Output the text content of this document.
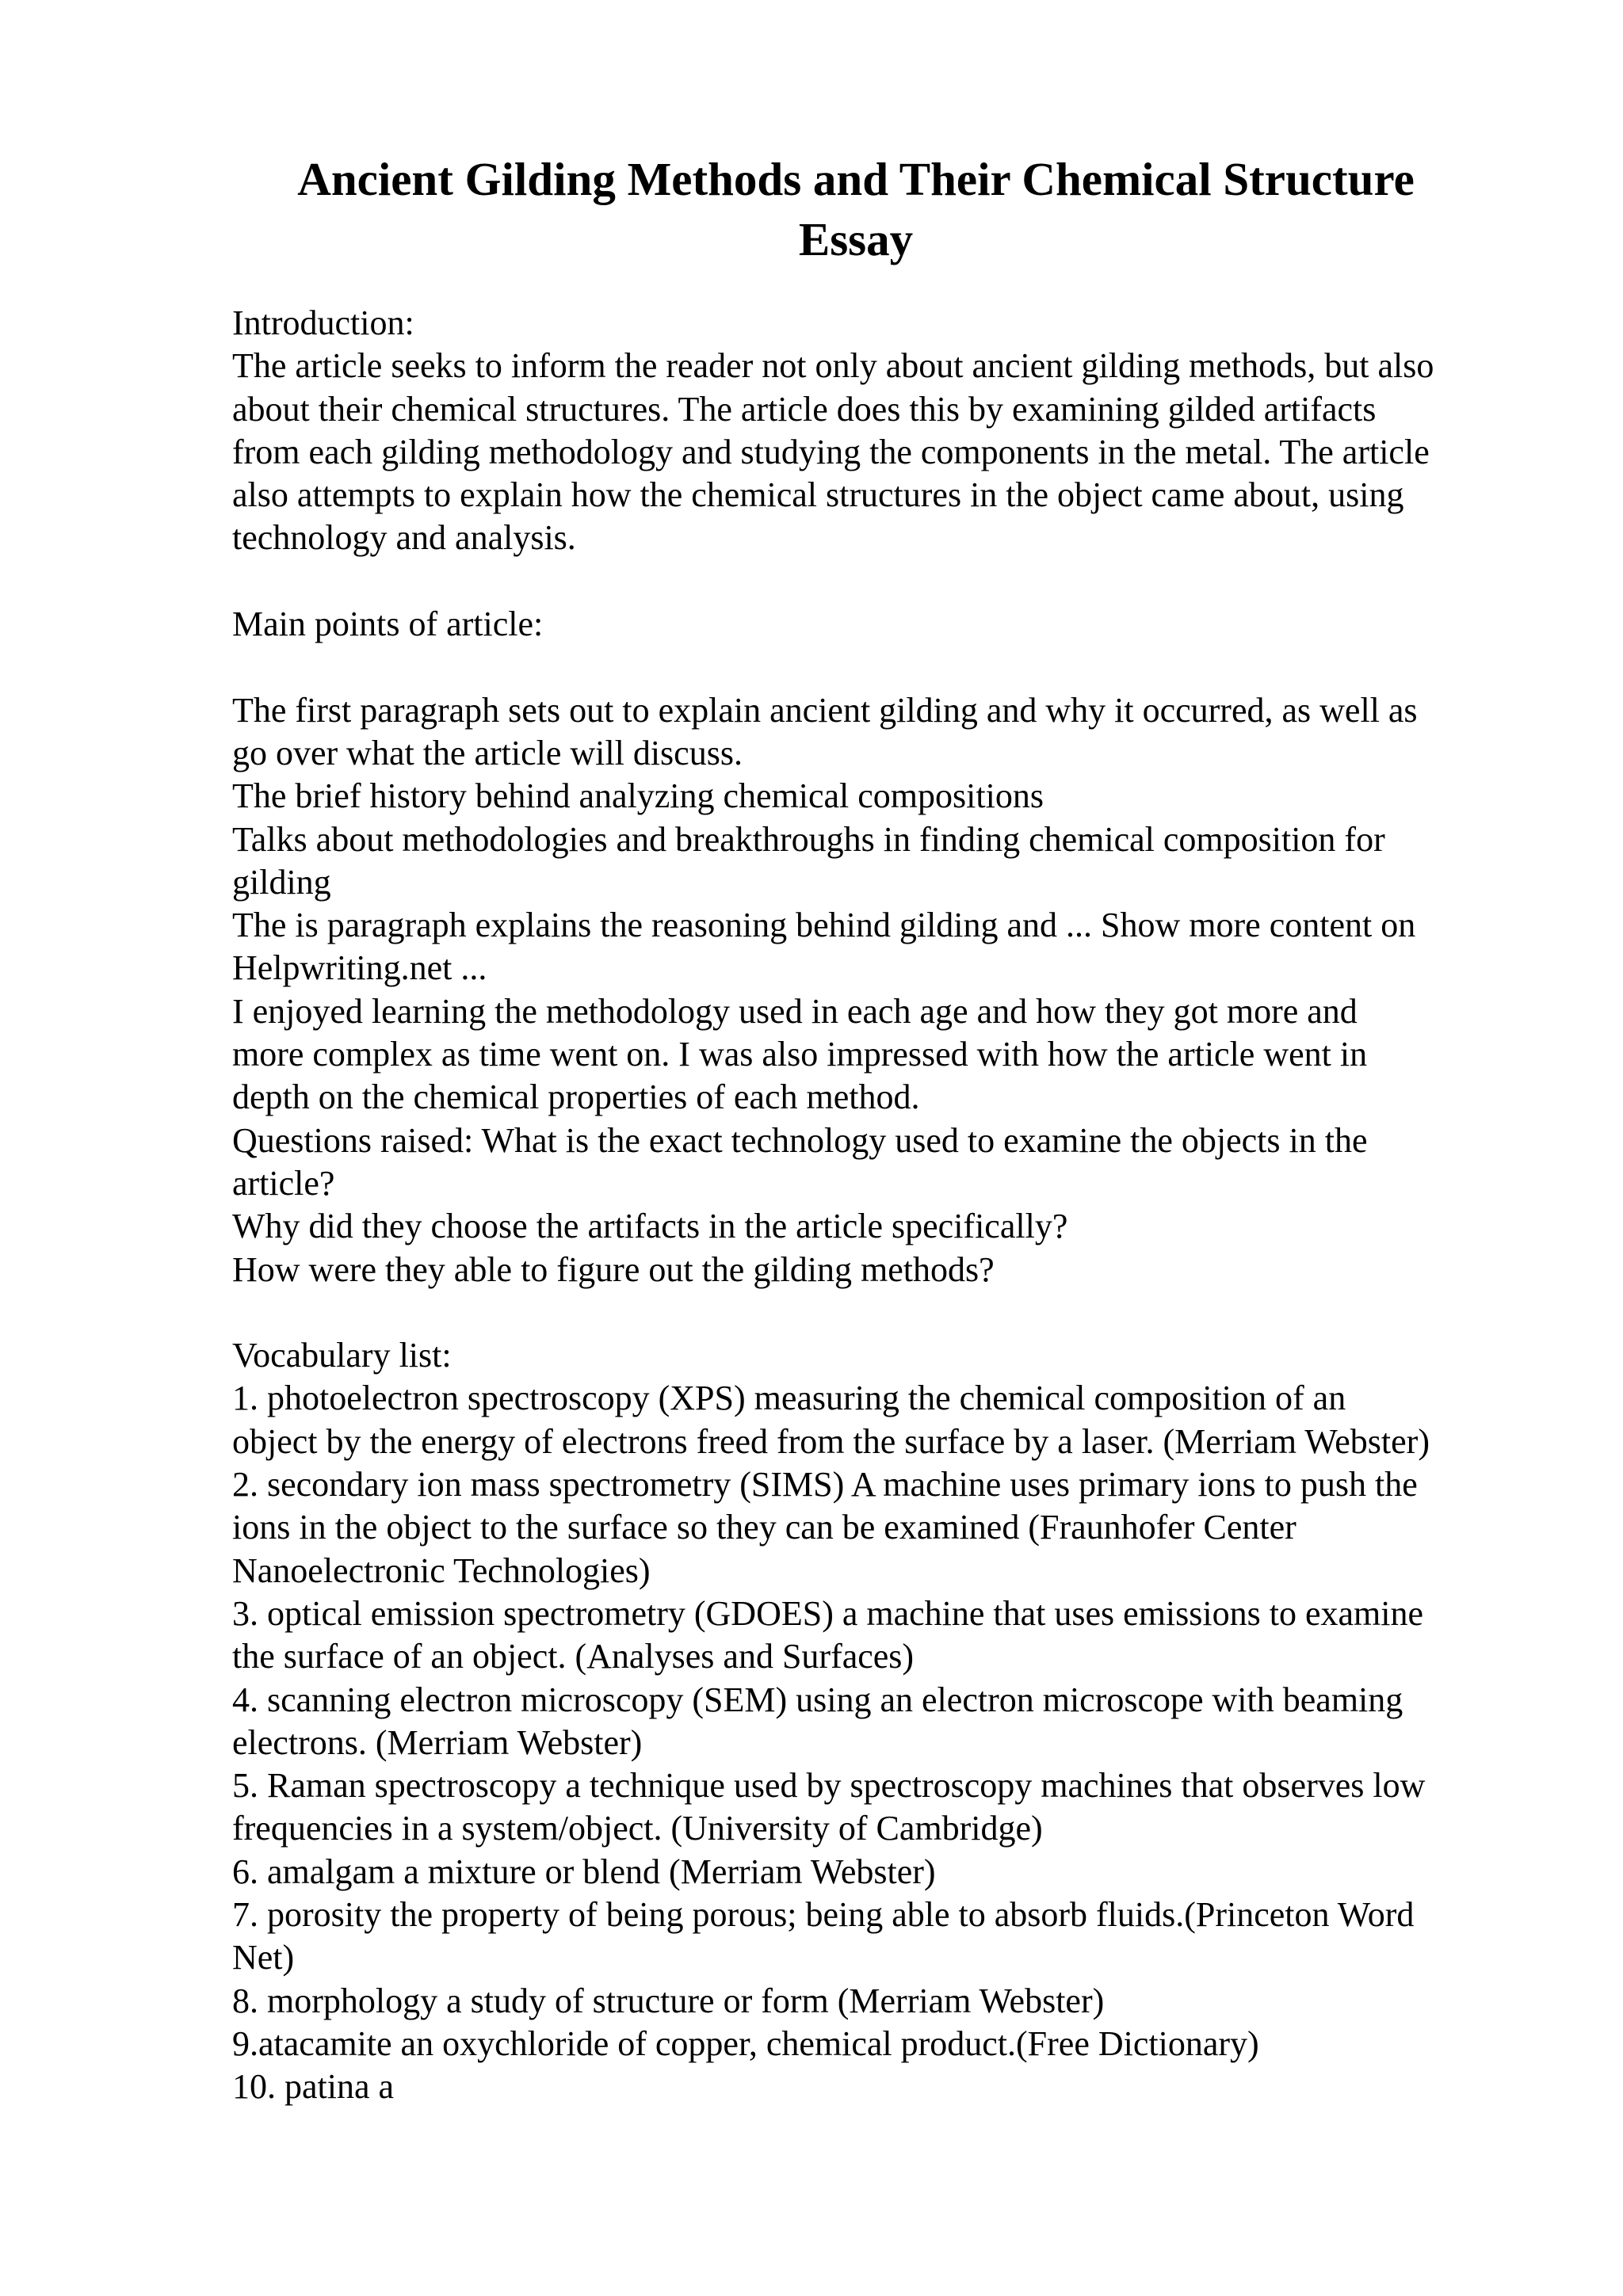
Ancient Gilding Methods and Their Chemical Structure
Essay
Introduction:
The article seeks to inform the reader not only about ancient gilding methods, but also
about their chemical structures. The article does this by examining gilded artifacts
from each gilding methodology and studying the components in the metal. The article
also attempts to explain how the chemical structures in the object came about, using
technology and analysis.
Main points of article:
The first paragraph sets out to explain ancient gilding and why it occurred, as well as
go over what the article will discuss.
The brief history behind analyzing chemical compositions
Talks about methodologies and breakthroughs in finding chemical composition for
gilding
The is paragraph explains the reasoning behind gilding and ... Show more content on
Helpwriting.net ...
I enjoyed learning the methodology used in each age and how they got more and
more complex as time went on. I was also impressed with how the article went in
depth on the chemical properties of each method.
Questions raised: What is the exact technology used to examine the objects in the
article?
Why did they choose the artifacts in the article specifically?
How were they able to figure out the gilding methods?
Vocabulary list:
1. photoelectron spectroscopy (XPS) measuring the chemical composition of an
object by the energy of electrons freed from the surface by a laser. (Merriam Webster)
2. secondary ion mass spectrometry (SIMS) A machine uses primary ions to push the
ions in the object to the surface so they can be examined (Fraunhofer Center
Nanoelectronic Technologies)
3. optical emission spectrometry (GDOES) a machine that uses emissions to examine
the surface of an object. (Analyses and Surfaces)
4. scanning electron microscopy (SEM) using an electron microscope with beaming
electrons. (Merriam Webster)
5. Raman spectroscopy a technique used by spectroscopy machines that observes low
frequencies in a system/object. (University of Cambridge)
6. amalgam a mixture or blend (Merriam Webster)
7. porosity the property of being porous; being able to absorb fluids.(Princeton Word
Net)
8. morphology a study of structure or form (Merriam Webster)
9.atacamite an oxychloride of copper, chemical product.(Free Dictionary)
10. patina a
